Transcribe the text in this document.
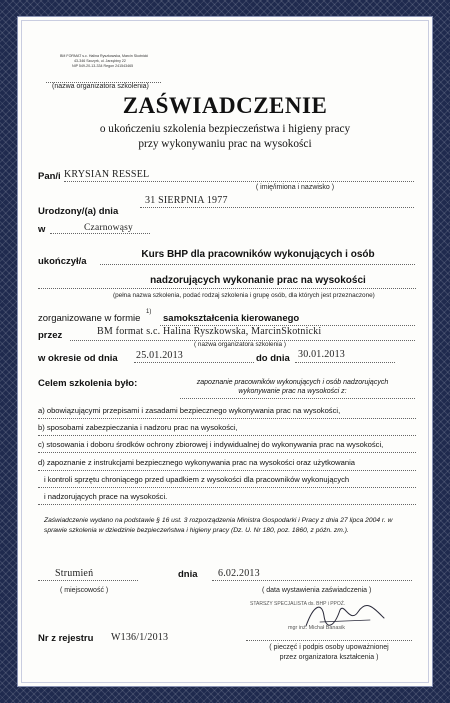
BM FORMAT s.c. Halina Ryszkowska, Marcin Skotnicki
43-346 Szczyrk, ul. Jarzębiny 22
NIP 549-20-13-334 Regon 241543465
(nazwa organizatora szkolenia)
ZAŚWIADCZENIE
o ukończeniu szkolenia bezpieczeństwa i higieny pracy
przy wykonywaniu prac na wysokości
Pan/i KRYSIAN RESSEL
( imię/imiona i nazwisko )
Urodzony/(a) dnia
31 SIERPNIA 1977
w	Czarnowąsy
ukończył/a
Kurs BHP dla pracowników wykonujących i osób
nadzorujących wykonanie prac na wysokości
(pełna nazwa szkolenia, podać rodzaj szkolenia i grupę osób, dla których jest przeznaczone)
zorganizowane w formie
1)
samokształcenia kierowanego
przez	BM format s.c. Halina Ryszkowska, MarcinSkotnicki
( nazwa organizatora szkolenia )
w okresie od dnia 25.01.2013	do dnia 30.01.2013
Celem szkolenia było:	zapoznanie pracowników wykonujących i osób nadzorujących wykonywanie prac na wysokości z:
a) obowiązującymi przepisami i zasadami bezpiecznego wykonywania prac na wysokości,
b) sposobami zabezpieczania i nadzoru prac na wysokości,
c) stosowania i doboru środków ochrony zbiorowej i indywidualnej do wykonywania prac na wysokości,
d) zapoznanie z instrukcjami bezpiecznego wykonywania prac na wysokości oraz użytkowania
i kontroli sprzętu chroniącego przed upadkiem z wysokości dla pracowników wykonujących
i nadzorujących prace na wysokości.
Zaświadczenie wydano na podstawie § 16 ust. 3 rozporządzenia Ministra Gospodarki i Pracy z dnia 27 lipca 2004 r. w sprawie szkolenia w dziedzinie bezpieczeństwa i higieny pracy (Dz. U. Nr 180, poz. 1860, z późn. zm.).
Strumień
( miejscowość )
dnia 6.02.2013
( data wystawienia zaświadczenia )
STARSZY SPECJALISTA ds. BHP i PPOŻ.
mgr inż. Michał Banasik
Nr z rejestru W136/1/2013
( pieczęć i podpis osoby upoważnionej
przez organizatora kształcenia )
